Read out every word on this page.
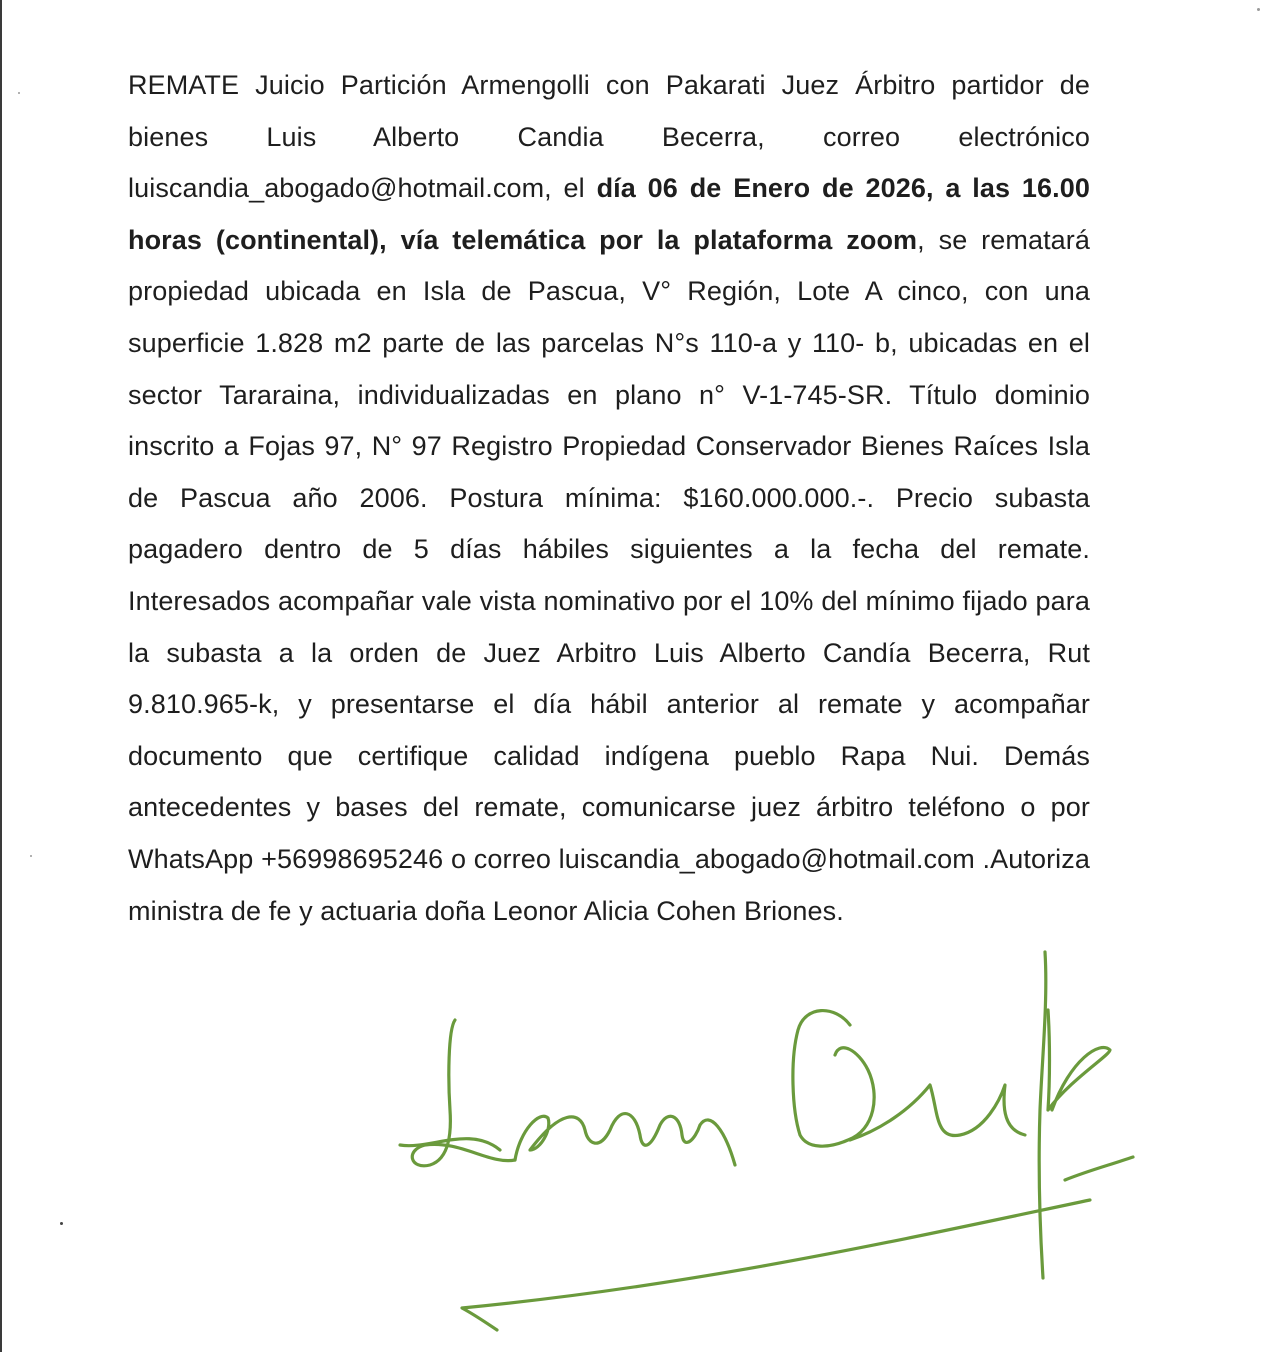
REMATE Juicio Partición Armengolli con Pakarati Juez Árbitro partidor de bienes Luis Alberto Candia Becerra, correo electrónico luiscandia_abogado@hotmail.com, el día 06 de Enero de 2026, a las 16.00 horas (continental), vía telemática por la plataforma zoom, se rematará propiedad ubicada en Isla de Pascua, V° Región, Lote A cinco, con una superficie 1.828 m2 parte de las parcelas N°s 110-a y 110- b, ubicadas en el sector Tararaina, individualizadas en plano n° V-1-745-SR. Título dominio inscrito a Fojas 97, N° 97 Registro Propiedad Conservador Bienes Raíces Isla de Pascua año 2006. Postura mínima: $160.000.000.-. Precio subasta pagadero dentro de 5 días hábiles siguientes a la fecha del remate. Interesados acompañar vale vista nominativo por el 10% del mínimo fijado para la subasta a la orden de Juez Arbitro Luis Alberto Candía Becerra, Rut 9.810.965-k, y presentarse el día hábil anterior al remate y acompañar documento que certifique calidad indígena pueblo Rapa Nui. Demás antecedentes y bases del remate, comunicarse juez árbitro teléfono o por WhatsApp +56998695246 o correo luiscandia_abogado@hotmail.com .Autoriza ministra de fe y actuaria doña Leonor Alicia Cohen Briones.
